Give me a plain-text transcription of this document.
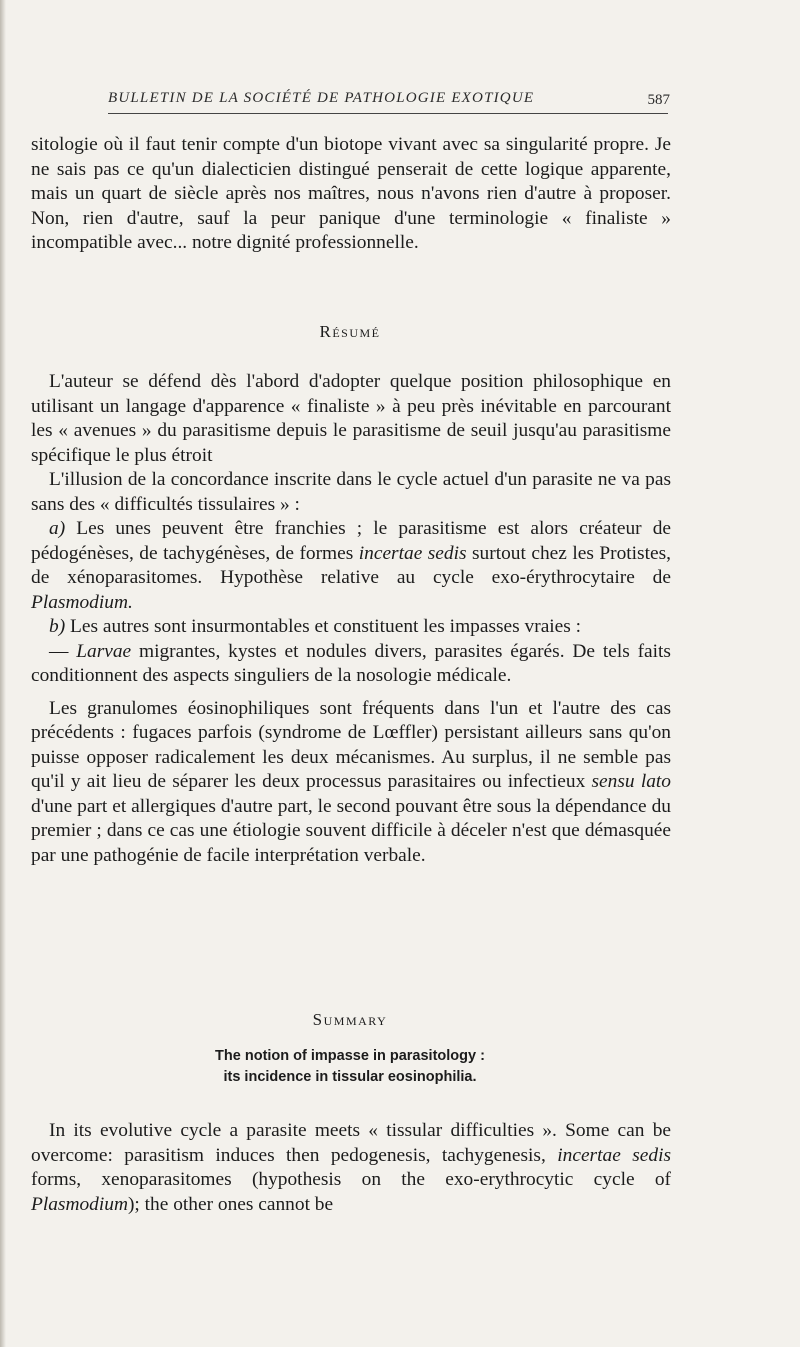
BULLETIN DE LA SOCIÉTÉ DE PATHOLOGIE EXOTIQUE	587

sitologie où il faut tenir compte d'un biotope vivant avec sa singularité propre. Je ne sais pas ce qu'un dialecticien distingué penserait de cette logique apparente, mais un quart de siècle après nos maîtres, nous n'avons rien d'autre à proposer. Non, rien d'autre, sauf la peur panique d'une terminologie « finaliste » incompatible avec... notre dignité professionnelle.

Résumé

L'auteur se défend dès l'abord d'adopter quelque position philosophique en utilisant un langage d'apparence « finaliste » à peu près inévitable en parcourant les « avenues » du parasitisme depuis le parasitisme de seuil jusqu'au parasitisme spécifique le plus étroit

L'illusion de la concordance inscrite dans le cycle actuel d'un parasite ne va pas sans des « difficultés tissulaires » :

a) Les unes peuvent être franchies ; le parasitisme est alors créateur de pédogénèses, de tachygénèses, de formes incertae sedis surtout chez les Protistes, de xénoparasitomes. Hypothèse relative au cycle exo-érythrocytaire de Plasmodium.

b) Les autres sont insurmontables et constituent les impasses vraies :

— Larvae migrantes, kystes et nodules divers, parasites égarés. De tels faits conditionnent des aspects singuliers de la nosologie médicale.

Les granulomes éosinophiliques sont fréquents dans l'un et l'autre des cas précédents : fugaces parfois (syndrome de Lœffler) persistant ailleurs sans qu'on puisse opposer radicalement les deux mécanismes. Au surplus, il ne semble pas qu'il y ait lieu de séparer les deux processus parasitaires ou infectieux sensu lato d'une part et allergiques d'autre part, le second pouvant être sous la dépendance du premier ; dans ce cas une étiologie souvent difficile à déceler n'est que démasquée par une pathogénie de facile interprétation verbale.

Summary
The notion of impasse in parasitology :
its incidence in tissular eosinophilia.

In its evolutive cycle a parasite meets « tissular difficulties ». Some can be overcome: parasitism induces then pedogenesis, tachygenesis, incertae sedis forms, xenoparasitomes (hypothesis on the exo-erythrocytic cycle of Plasmodium); the other ones cannot be
